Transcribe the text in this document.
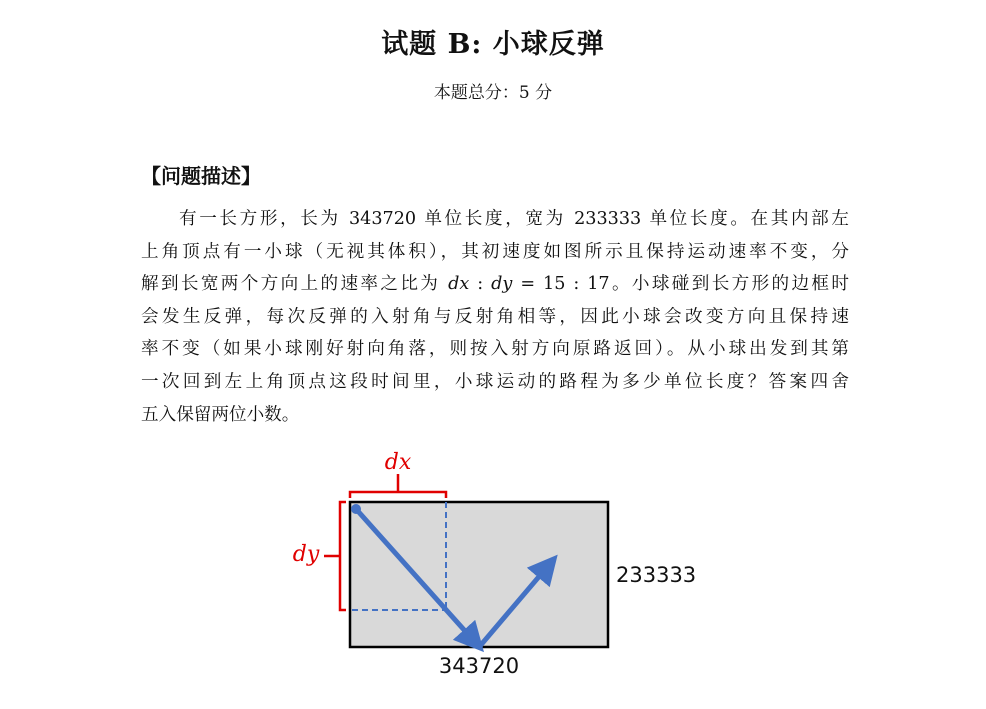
试题 B: 小球反弹
本题总分：5 分
【问题描述】
有一长方形，长为 343720 单位长度，宽为 233333 单位长度。在其内部左
上角顶点有一小球（无视其体积），其初速度如图所示且保持运动速率不变，分
解到长宽两个方向上的速率之比为 dx : dy = 15 : 17。小球碰到长方形的边框时
会发生反弹，每次反弹的入射角与反射角相等，因此小球会改变方向且保持速
率不变（如果小球刚好射向角落，则按入射方向原路返回）。从小球出发到其第
一次回到左上角顶点这段时间里，小球运动的路程为多少单位长度？答案四舍
五入保留两位小数。
dx
dy
233333
343720
